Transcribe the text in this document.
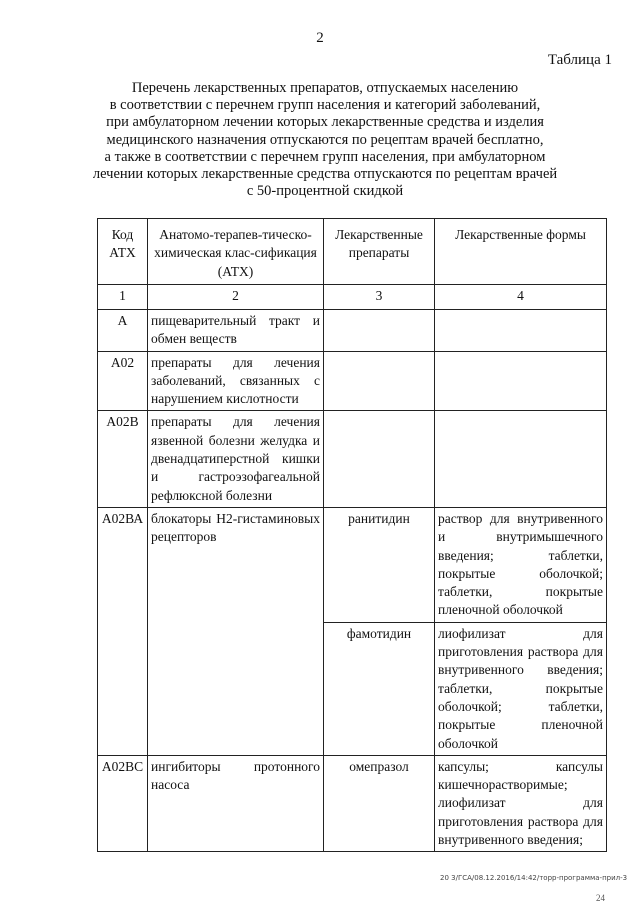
2
Таблица 1
Перечень лекарственных препаратов, отпускаемых населению
в соответствии с перечнем групп населения и категорий заболеваний,
при амбулаторном лечении которых лекарственные средства и изделия
медицинского назначения отпускаются по рецептам врачей бесплатно,
а также в соответствии с перечнем групп населения, при амбулаторном
лечении которых лекарственные средства отпускаются по рецептам врачей
с 50-процентной скидкой
Код АТХ	Анатомо-терапев-тическо-химическая клас-сификация (АТХ)	Лекарственные препараты	Лекарственные формы
1	2	3	4
А	пищеварительный тракт и обмен веществ		
А02	препараты для лечения заболеваний, связанных с нарушением кислотности		
А02В	препараты для лечения язвенной болезни желудка и двенадцатиперстной кишки и гастроэзофагеальной рефлюксной болезни		
А02ВА	блокаторы Н2-гистаминовых рецепторов	ранитидин	раствор для внутривенного и внутримышечного введения; таблетки, покрытые оболочкой; таблетки, покрытые пленочной оболочкой
		фамотидин	лиофилизат для приготовления раствора для внутривенного введения; таблетки, покрытые оболочкой; таблетки, покрытые пленочной оболочкой
А02ВС	ингибиторы протонного насоса	омепразол	капсулы; капсулы кишечнорастворимые; лиофилизат для приготовления раствора для внутривенного введения;
20 3/ГСА/08.12.2016/14:42/торр-программа-прил-3
24
